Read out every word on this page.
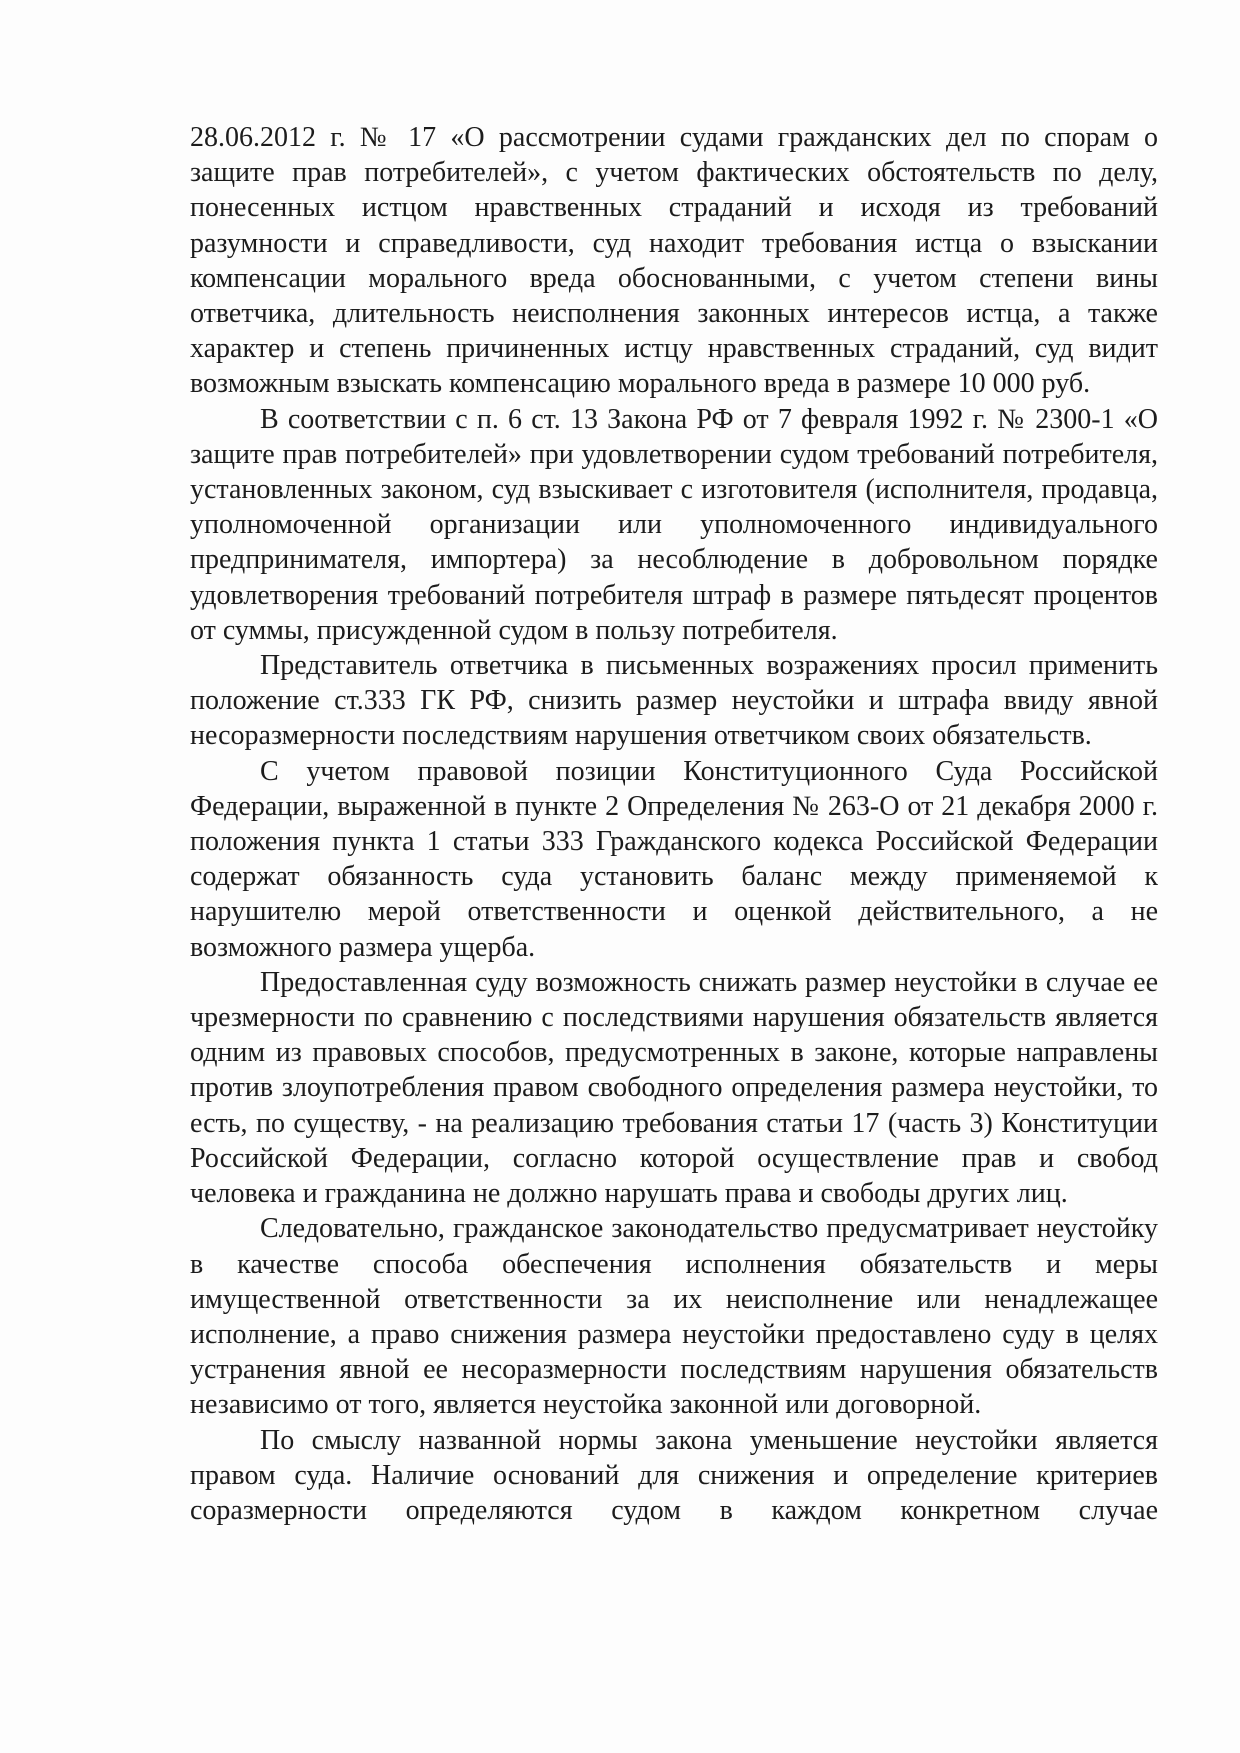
28.06.2012 г. № 17 «О рассмотрении судами гражданских дел по спорам о защите прав потребителей», с учетом фактических обстоятельств по делу, понесенных истцом нравственных страданий и исходя из требований разумности и справедливости, суд находит требования истца о взыскании компенсации морального вреда обоснованными, с учетом степени вины ответчика, длительность неисполнения законных интересов истца, а также характер и степень причиненных истцу нравственных страданий, суд видит возможным взыскать компенсацию морального вреда в размере 10 000 руб.

В соответствии с п. 6 ст. 13 Закона РФ от 7 февраля 1992 г. № 2300-1 «О защите прав потребителей» при удовлетворении судом требований потребителя, установленных законом, суд взыскивает с изготовителя (исполнителя, продавца, уполномоченной организации или уполномоченного индивидуального предпринимателя, импортера) за несоблюдение в добровольном порядке удовлетворения требований потребителя штраф в размере пятьдесят процентов от суммы, присужденной судом в пользу потребителя.

Представитель ответчика в письменных возражениях просил применить положение ст.333 ГК РФ, снизить размер неустойки и штрафа ввиду явной несоразмерности последствиям нарушения ответчиком своих обязательств.

С учетом правовой позиции Конституционного Суда Российской Федерации, выраженной в пункте 2 Определения № 263-О от 21 декабря 2000 г. положения пункта 1 статьи 333 Гражданского кодекса Российской Федерации содержат обязанность суда установить баланс между применяемой к нарушителю мерой ответственности и оценкой действительного, а не возможного размера ущерба.

Предоставленная суду возможность снижать размер неустойки в случае ее чрезмерности по сравнению с последствиями нарушения обязательств является одним из правовых способов, предусмотренных в законе, которые направлены против злоупотребления правом свободного определения размера неустойки, то есть, по существу, - на реализацию требования статьи 17 (часть 3) Конституции Российской Федерации, согласно которой осуществление прав и свобод человека и гражданина не должно нарушать права и свободы других лиц.

Следовательно, гражданское законодательство предусматривает неустойку в качестве способа обеспечения исполнения обязательств и меры имущественной ответственности за их неисполнение или ненадлежащее исполнение, а право снижения размера неустойки предоставлено суду в целях устранения явной ее несоразмерности последствиям нарушения обязательств независимо от того, является неустойка законной или договорной.

По смыслу названной нормы закона уменьшение неустойки является правом суда. Наличие оснований для снижения и определение критериев соразмерности определяются судом в каждом конкретном случае
